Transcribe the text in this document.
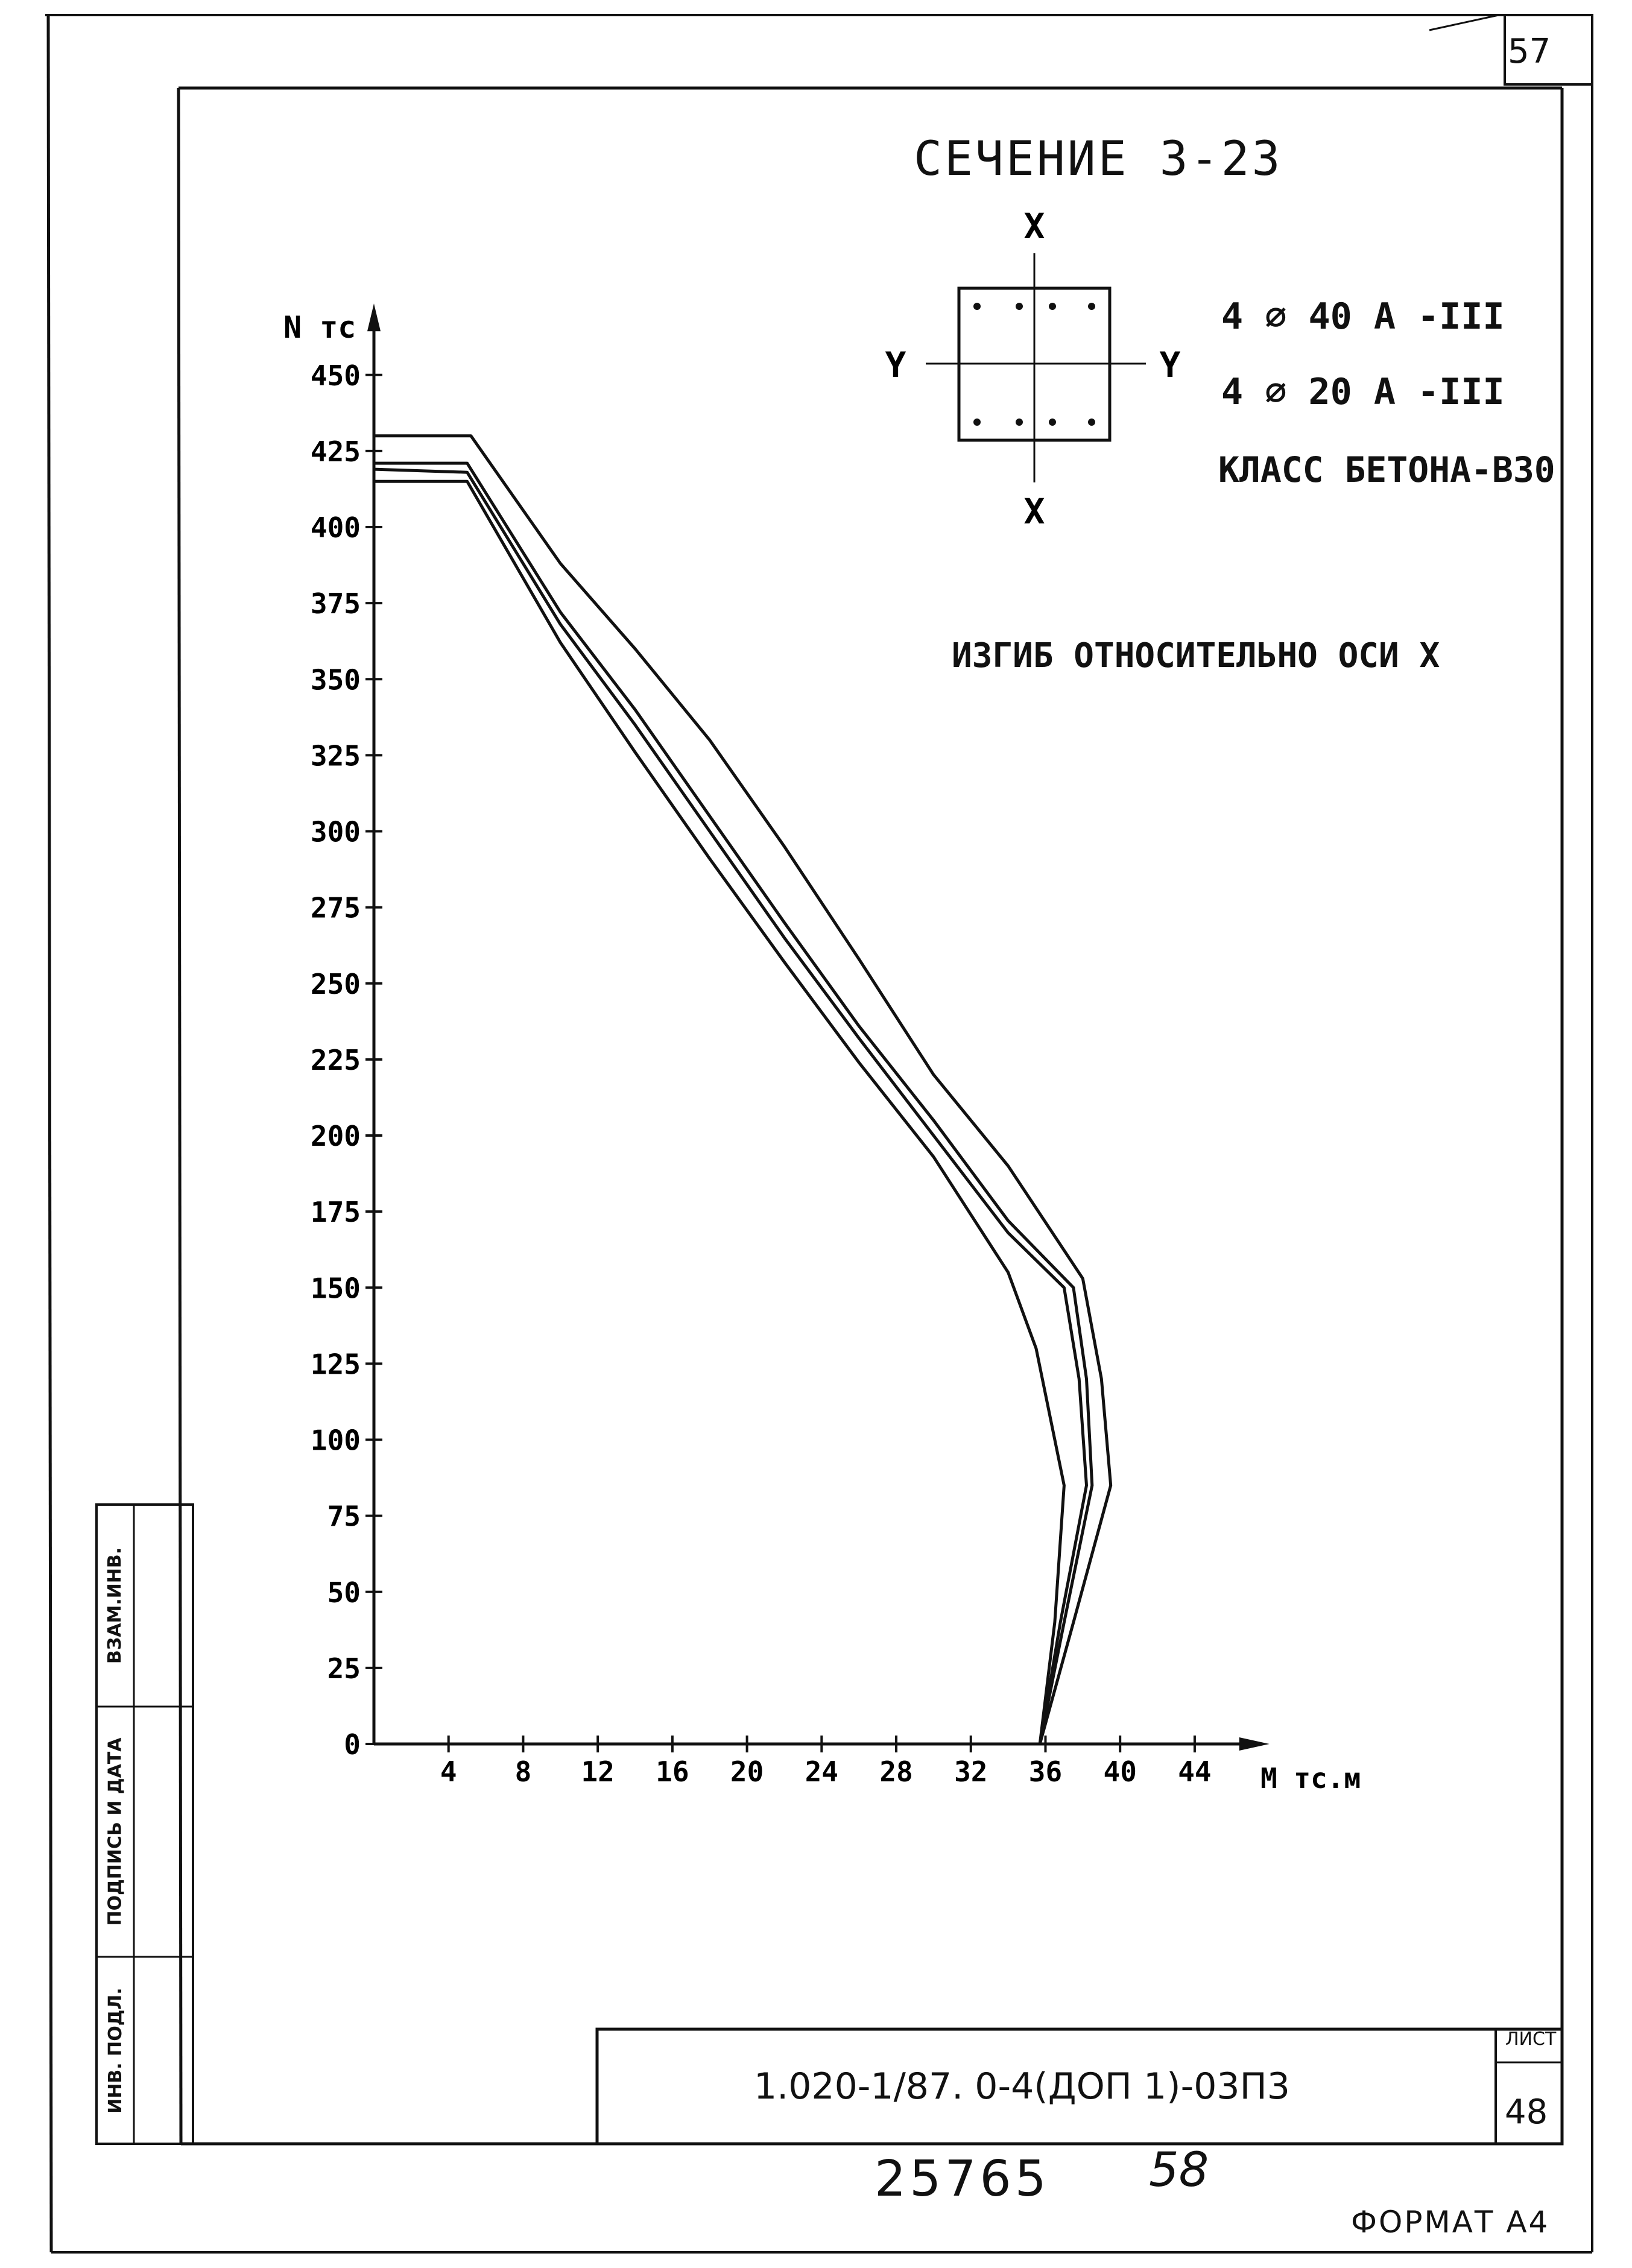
X
X
Y	Y
0
25
50
75
100
125
150
175
200
225
250
275
300
325
350
375
400
425
450
4 8 12 16 20 24 28 32 36 40 44
N тс
M тс.м
57
СЕЧЕНИЕ 3-23
4 ⌀ 40 А -III
4 ⌀ 20 А -III
КЛАСС БЕТОНА-В30
ИЗГИБ ОТНОСИТЕЛЬНО ОСИ Х
1.020-1/87. 0-4(ДОП 1)-03П3
ЛИСТ
48
25765 58
ФОРМАТ А4
ВЗАМ.ИНВ.
ПОДПИСЬ И ДАТА
ИНВ. ПОДЛ.
